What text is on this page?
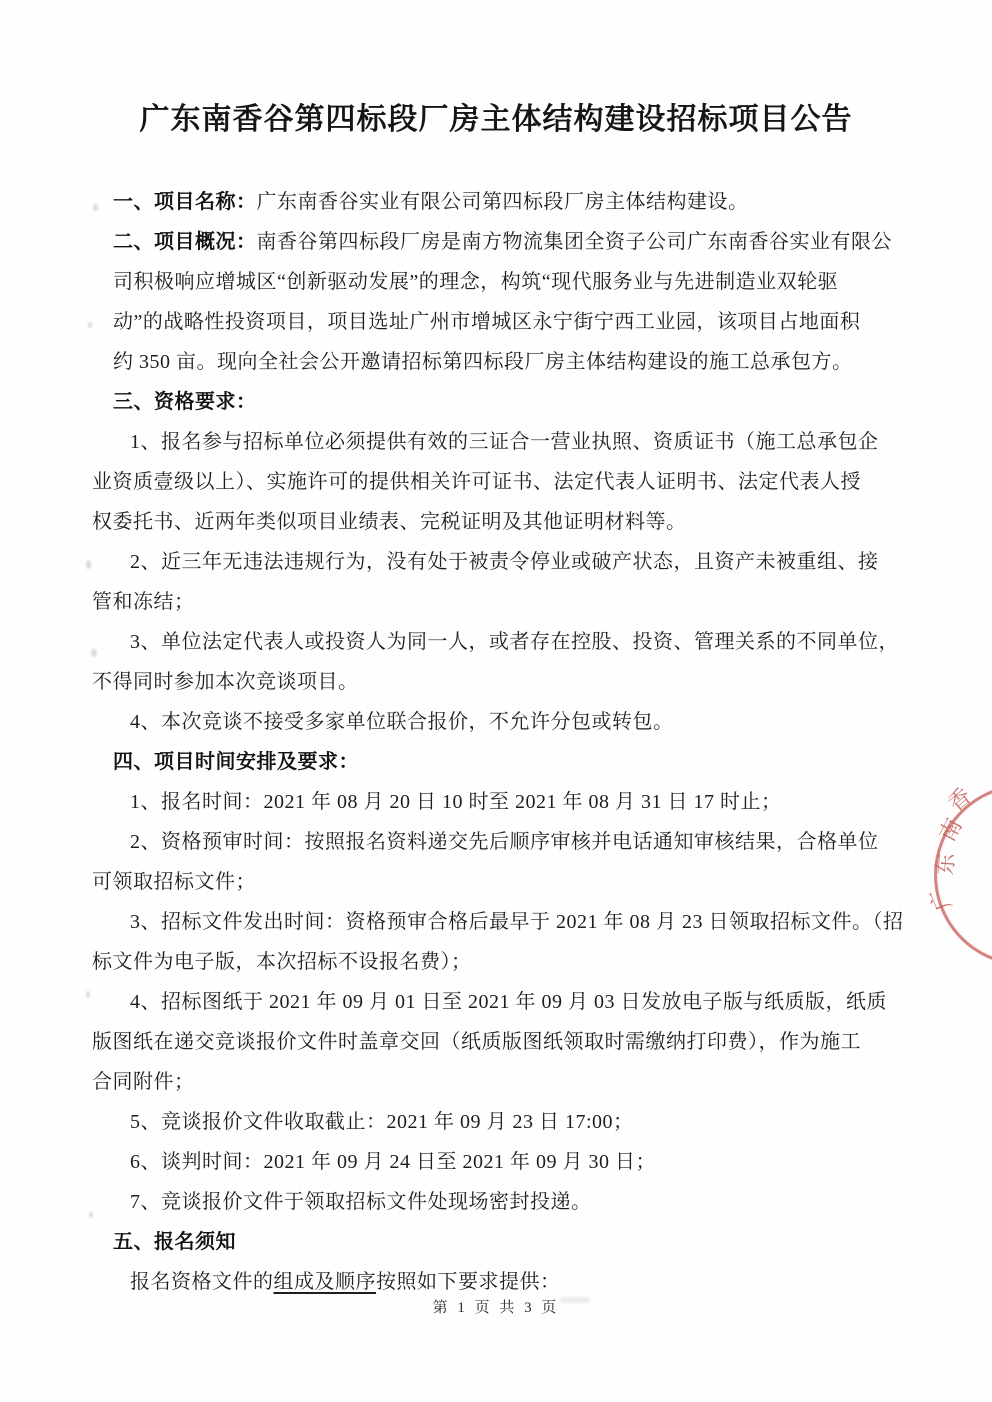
广东南香谷第四标段厂房主体结构建设招标项目公告
一、项目名称：广东南香谷实业有限公司第四标段厂房主体结构建设。
二、项目概况：南香谷第四标段厂房是南方物流集团全资子公司广东南香谷实业有限公
司积极响应增城区“创新驱动发展”的理念，构筑“现代服务业与先进制造业双轮驱
动”的战略性投资项目，项目选址广州市增城区永宁街宁西工业园，该项目占地面积
约 350 亩。现向全社会公开邀请招标第四标段厂房主体结构建设的施工总承包方。
三、资格要求：
1、报名参与招标单位必须提供有效的三证合一营业执照、资质证书（施工总承包企
业资质壹级以上）、实施许可的提供相关许可证书、法定代表人证明书、法定代表人授
权委托书、近两年类似项目业绩表、完税证明及其他证明材料等。
2、近三年无违法违规行为，没有处于被责令停业或破产状态，且资产未被重组、接
管和冻结；
3、单位法定代表人或投资人为同一人，或者存在控股、投资、管理关系的不同单位，
不得同时参加本次竞谈项目。
4、本次竞谈不接受多家单位联合报价，不允许分包或转包。
四、项目时间安排及要求：
1、报名时间：2021 年 08 月 20 日 10 时至 2021 年 08 月 31 日 17 时止；
2、资格预审时间：按照报名资料递交先后顺序审核并电话通知审核结果，合格单位
可领取招标文件；
3、招标文件发出时间：资格预审合格后最早于 2021 年 08 月 23 日领取招标文件。（招
标文件为电子版，本次招标不设报名费）；
4、招标图纸于 2021 年 09 月 01 日至 2021 年 09 月 03 日发放电子版与纸质版，纸质
版图纸在递交竞谈报价文件时盖章交回（纸质版图纸领取时需缴纳打印费），作为施工
合同附件；
5、竞谈报价文件收取截止：2021 年 09 月 23 日 17:00；
6、谈判时间：2021 年 09 月 24 日至 2021 年 09 月 30 日；
7、竞谈报价文件于领取招标文件处现场密封投递。
五、报名须知
报名资格文件的组成及顺序按照如下要求提供：
第 1 页 共 3 页
广
东
南
香
